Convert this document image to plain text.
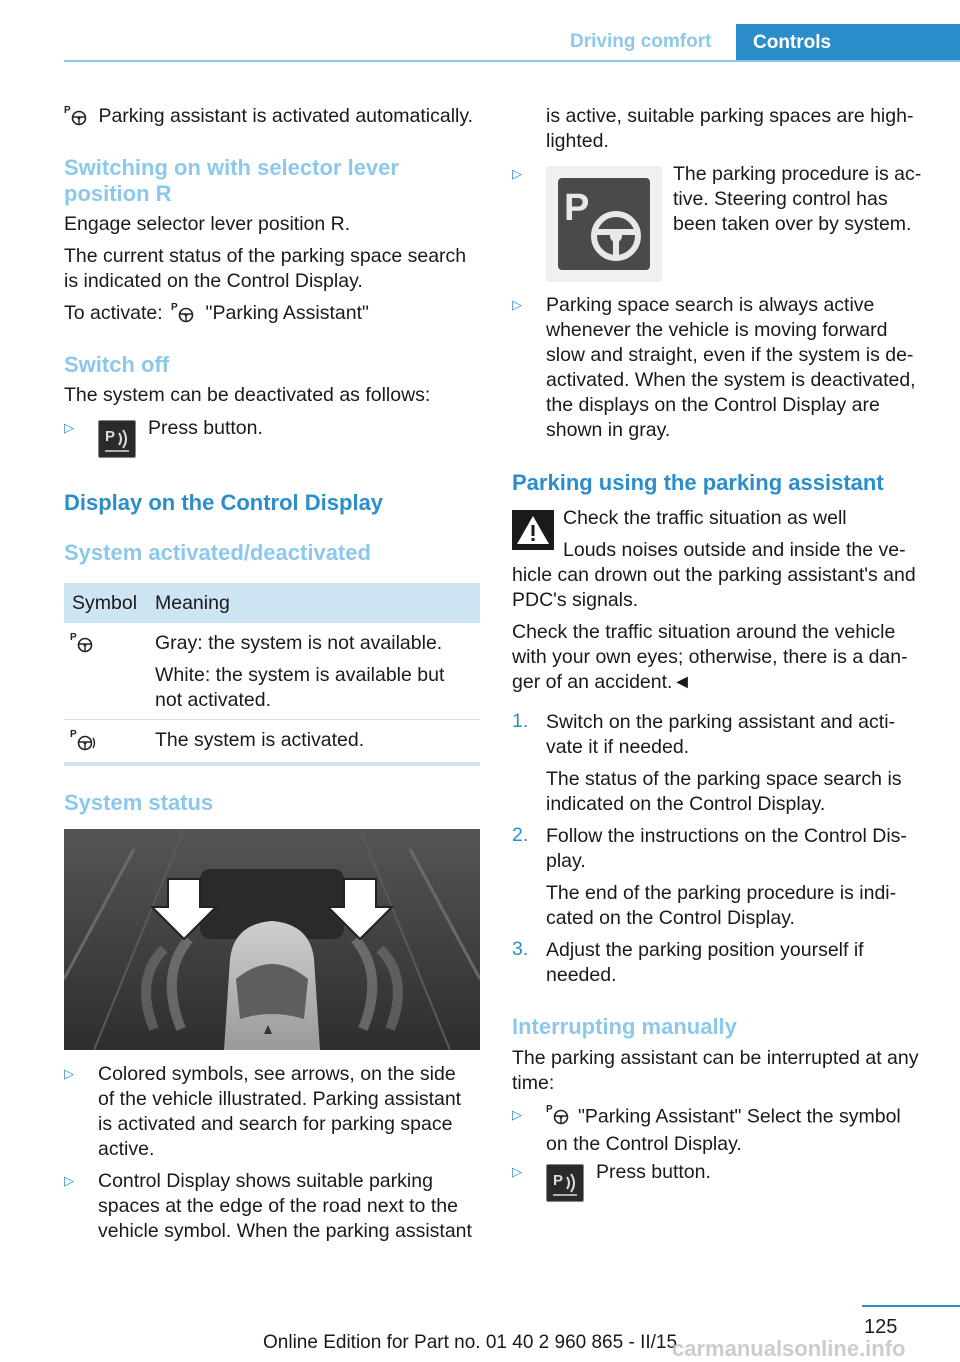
Driving comfort Controls
P Parking assistant is activated automatically.

Switching on with selector lever

position R

Engage selector lever position R.

The current status of the parking space search

is indicated on the Control Display.

To activate: P "Parking Assistant"

Switch off

The system can be deactivated as follows:

▷
P Press button.

Display on the Control Display

System activated/deactivated

Symbol Meaning
P	Gray: the system is not available.

White: the system is available but

not activated.

P	The system is activated.

System status

▷ Colored symbols, see arrows, on the side

of the vehicle illustrated. Parking assistant

is activated and search for parking space

active.

▷ Control Display shows suitable parking

spaces at the edge of the road next to the

vehicle symbol. When the parking assistant

is active, suitable parking spaces are high-

lighted.

▷
P

The parking procedure is ac-

tive. Steering control has

been taken over by system.

▷ Parking space search is always active

whenever the vehicle is moving forward

slow and straight, even if the system is de-

activated. When the system is deactivated,

the displays on the Control Display are

shown in gray.

Parking using the parking assistant

Check the traffic situation as well

Louds noises outside and inside the ve-

hicle can drown out the parking assistant's and

PDC's signals.

Check the traffic situation around the vehicle

with your own eyes; otherwise, there is a dan-

ger of an accident.◄

1. Switch on the parking assistant and acti-

vate it if needed.

The status of the parking space search is

indicated on the Control Display.

2. Follow the instructions on the Control Dis-

play.

The end of the parking procedure is indi-

cated on the Control Display.

3. Adjust the parking position yourself if

needed.

Interrupting manually

The parking assistant can be interrupted at any

time:

▷ P "Parking Assistant" Select the symbol

on the Control Display.

▷
P Press button.
125
Online Edition for Part no. 01 40 2 960 865 - II/15
carmanualsonline.info
